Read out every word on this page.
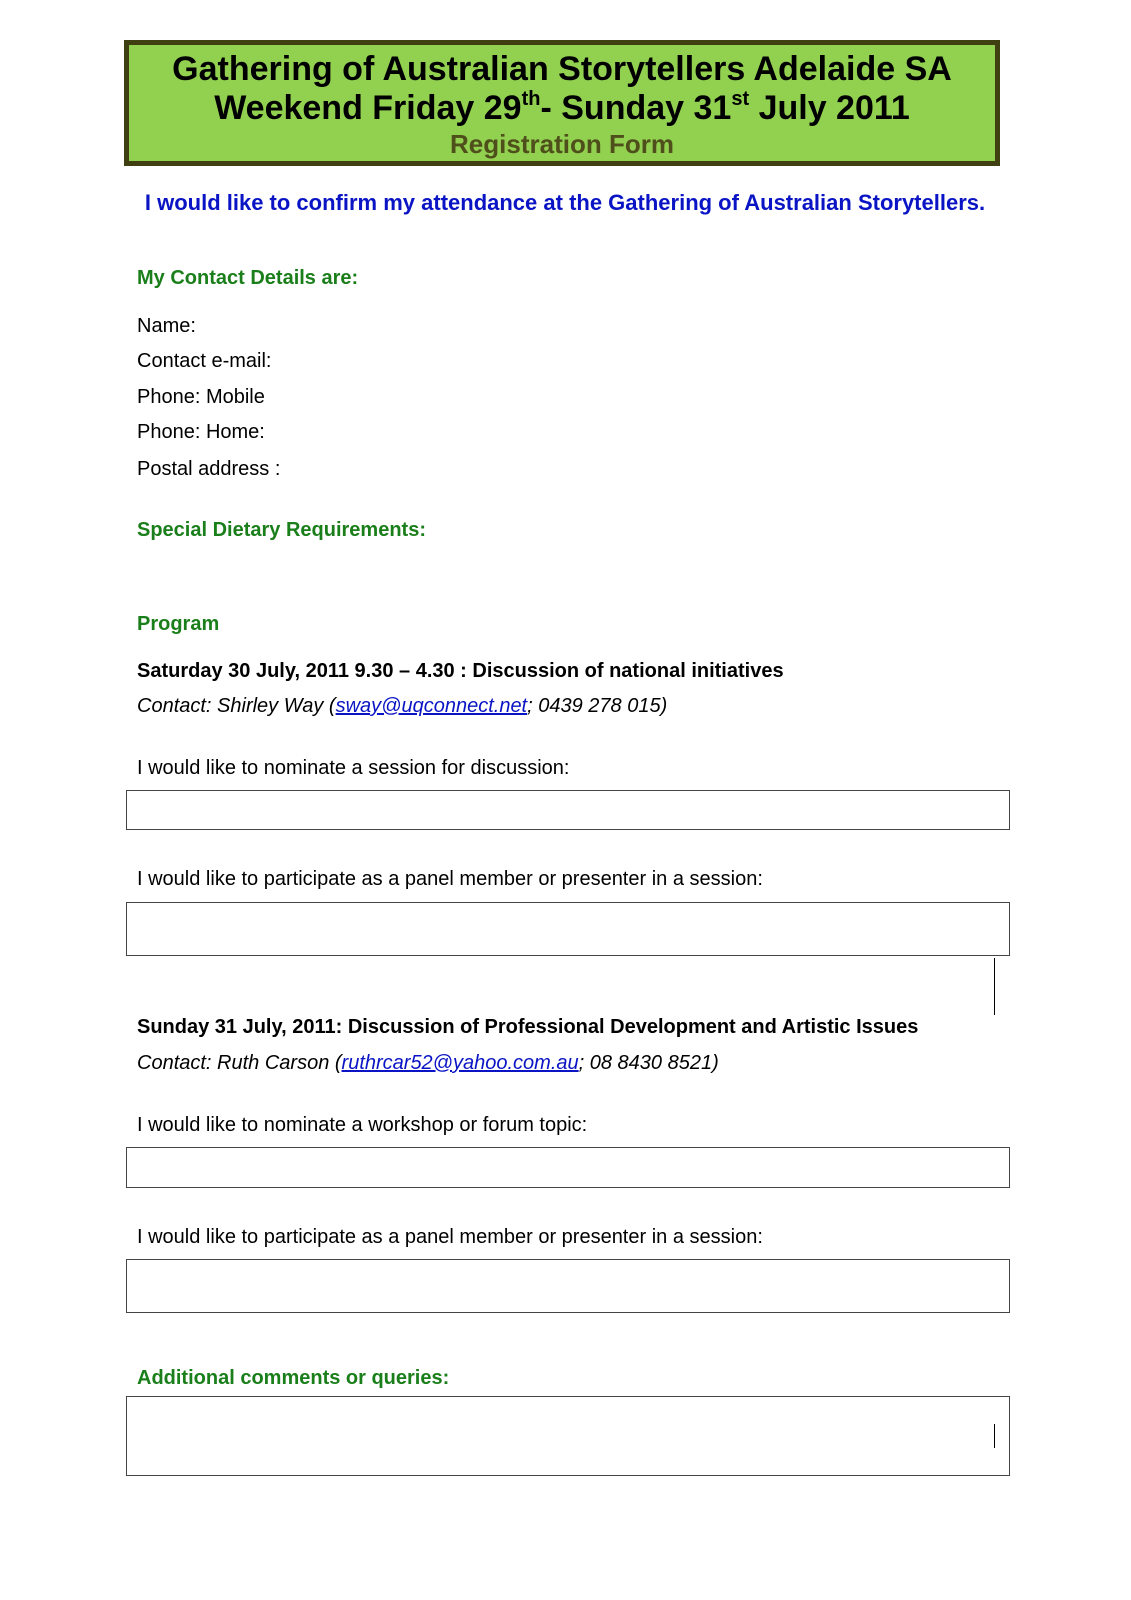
Gathering of Australian Storytellers Adelaide SA
Weekend Friday 29th- Sunday 31st July 2011
Registration Form
I would like to confirm my attendance at the Gathering of Australian Storytellers.
My Contact Details are:
Name:
Contact e-mail:
Phone: Mobile
Phone: Home:
Postal address :
Special Dietary Requirements:
Program
Saturday 30 July, 2011 9.30 – 4.30 : Discussion of national initiatives
Contact: Shirley Way (sway@uqconnect.net; 0439 278 015)
I would like to nominate a session for discussion:
I would like to participate as a panel member or presenter in a session:
Sunday 31 July, 2011: Discussion of Professional Development and Artistic Issues
Contact: Ruth Carson (ruthrcar52@yahoo.com.au; 08 8430 8521)
I would like to nominate a workshop or forum topic:
I would like to participate as a panel member or presenter in a session:
Additional comments or queries:
